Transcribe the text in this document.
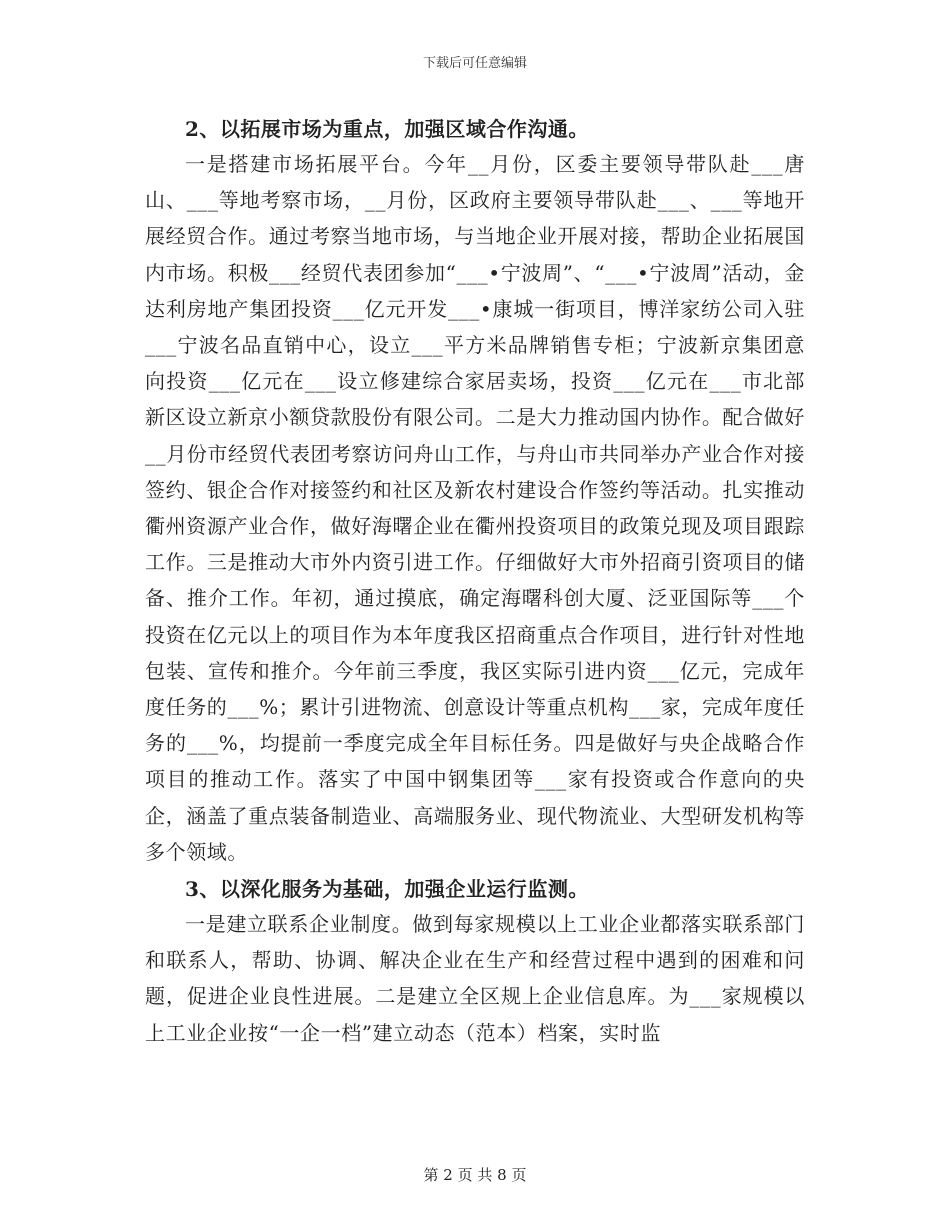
下载后可任意编辑
2、以拓展市场为重点，加强区域合作沟通。

一是搭建市场拓展平台。今年__月份，区委主要领导带队赴___唐山、___等地考察市场，__月份，区政府主要领导带队赴___、___等地开展经贸合作。通过考察当地市场，与当地企业开展对接，帮助企业拓展国内市场。积极___经贸代表团参加“___•宁波周”、“___•宁波周”活动，金达利房地产集团投资___亿元开发___•康城一街项目，博洋家纺公司入驻___宁波名品直销中心，设立___平方米品牌销售专柜；宁波新京集团意向投资___亿元在___设立修建综合家居卖场，投资___亿元在___市北部新区设立新京小额贷款股份有限公司。二是大力推动国内协作。配合做好__月份市经贸代表团考察访问舟山工作，与舟山市共同举办产业合作对接签约、银企合作对接签约和社区及新农村建设合作签约等活动。扎实推动衢州资源产业合作，做好海曙企业在衢州投资项目的政策兑现及项目跟踪工作。三是推动大市外内资引进工作。仔细做好大市外招商引资项目的储备、推介工作。年初，通过摸底，确定海曙科创大厦、泛亚国际等___个投资在亿元以上的项目作为本年度我区招商重点合作项目，进行针对性地包装、宣传和推介。今年前三季度，我区实际引进内资___亿元，完成年度任务的___%；累计引进物流、创意设计等重点机构___家，完成年度任务的___%，均提前一季度完成全年目标任务。四是做好与央企战略合作项目的推动工作。落实了中国中钢集团等___家有投资或合作意向的央企，涵盖了重点装备制造业、高端服务业、现代物流业、大型研发机构等多个领域。

3、以深化服务为基础，加强企业运行监测。

一是建立联系企业制度。做到每家规模以上工业企业都落实联系部门和联系人，帮助、协调、解决企业在生产和经营过程中遇到的困难和问题，促进企业良性进展。二是建立全区规上企业信息库。为___家规模以上工业企业按“一企一档”建立动态（范本）档案，实时监

第 2 页 共 8 页
